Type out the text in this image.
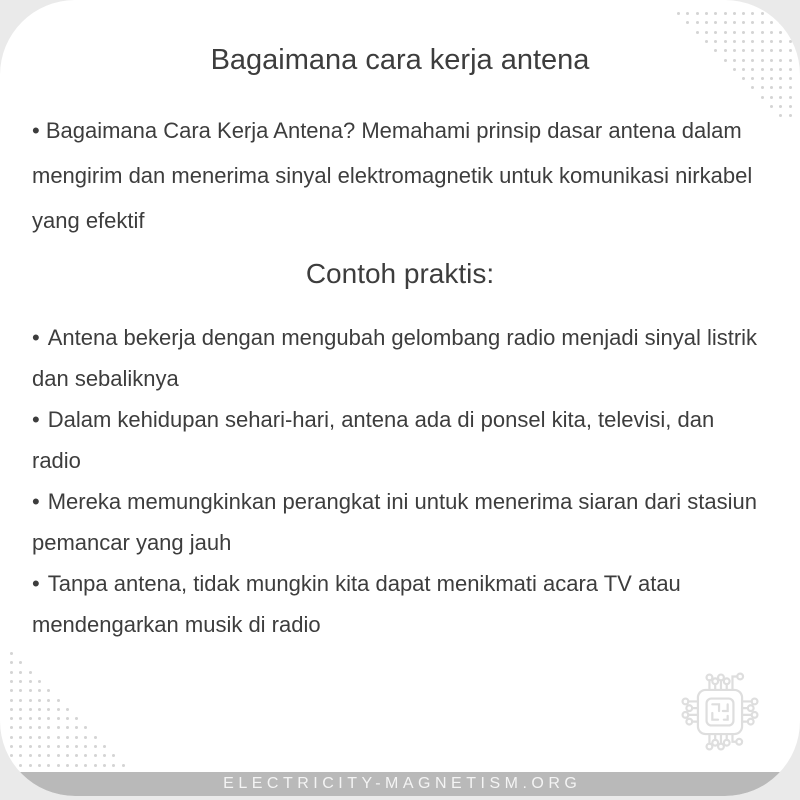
Bagaimana cara kerja antena

• Bagaimana Cara Kerja Antena? Memahami prinsip dasar antena dalam mengirim dan menerima sinyal elektromagnetik untuk komunikasi nirkabel yang efektif

Contoh praktis:
• Antena bekerja dengan mengubah gelombang radio menjadi sinyal listrik dan sebaliknya
• Dalam kehidupan sehari-hari, antena ada di ponsel kita, televisi, dan radio
• Mereka memungkinkan perangkat ini untuk menerima siaran dari stasiun pemancar yang jauh
• Tanpa antena, tidak mungkin kita dapat menikmati acara TV atau mendengarkan musik di radio
ELECTRICITY-MAGNETISM.ORG
